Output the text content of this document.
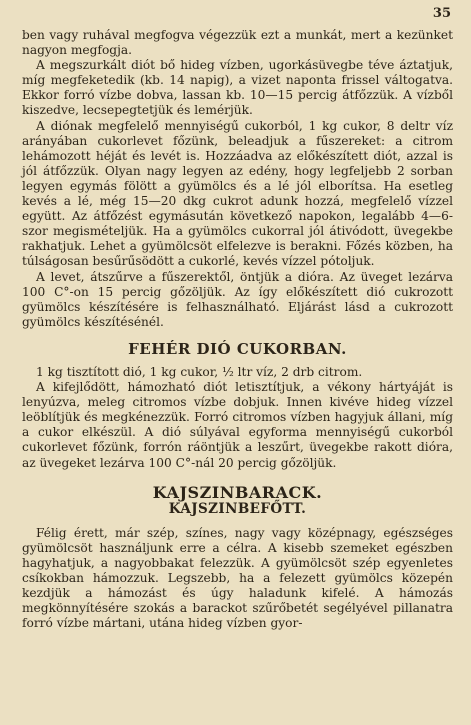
35

ben vagy ruhával megfogva végezzük ezt a munkát, mert a kezünket nagyon megfogja.

A megszurkált diót bő hideg vízben, ugorkásüvegbe téve áztatjuk, míg megfeketedik (kb. 14 napig), a vizet naponta frissel váltogatva. Ekkor forró vízbe dobva, lassan kb. 10—15 percig átfőzzük. A vízből kiszedve, lecsepegtetjük és lemérjük.

A diónak megfelelő mennyiségű cukorból, 1 kg cukor, 8 deltr víz arányában cukorlevet főzünk, beleadjuk a fűszereket: a citrom lehámozott héját és levét is. Hozzáadva az előkészített diót, azzal is jól átfőzzük. Olyan nagy legyen az edény, hogy legfeljebb 2 sorban legyen egymás fölött a gyümölcs és a lé jól elborítsa. Ha esetleg kevés a lé, még 15—20 dkg cukrot adunk hozzá, megfelelő vízzel együtt. Az átfőzést egymásután következő napokon, legalább 4—6-szor megismételjük. Ha a gyümölcs cukorral jól átivódott, üvegekbe rakhatjuk. Lehet a gyümölcsöt elfelezve is berakni. Főzés közben, ha túlságosan besűrűsödött a cukorlé, kevés vízzel pótoljuk.

A levet, átszűrve a fűszerektől, öntjük a dióra. Az üveget lezárva 100 C°-on 15 percig gőzöljük. Az így előkészített dió cukrozott gyümölcs készítésére is felhasználható. Eljárást lásd a cukrozott gyümölcs készítésénél.

FEHÉR DIÓ CUKORBAN.

1 kg tisztított dió, 1 kg cukor, ½ ltr víz, 2 drb citrom.

A kifejlődött, hámozható diót letisztítjuk, a vékony hártyáját is lenyúzva, meleg citromos vízbe dobjuk. Innen kivéve hideg vízzel leöblítjük és megkénezzük. Forró citromos vízben hagyjuk állani, míg a cukor elkészül. A dió súlyával egyforma mennyiségű cukorból cukorlevet főzünk, forrón ráöntjük a leszűrt, üvegekbe rakott dióra, az üvegeket lezárva 100 C°-nál 20 percig gőzöljük.

KAJSZINBARACK.
KAJSZINBEFŐTT.

Félig érett, már szép, színes, nagy vagy középnagy, egészséges gyümölcsöt használjunk erre a célra. A kisebb szemeket egészben hagyhatjuk, a nagyobbakat felezzük. A gyümölcsöt szép egyenletes csíkokban hámozzuk. Legszebb, ha a felezett gyümölcs közepén kezdjük a hámozást és úgy haladunk kifelé. A hámozás megkönnyítésére szokás a barackot szűrőbetét segélyével pillanatra forró vízbe mártani, utána hideg vízben gyor-
